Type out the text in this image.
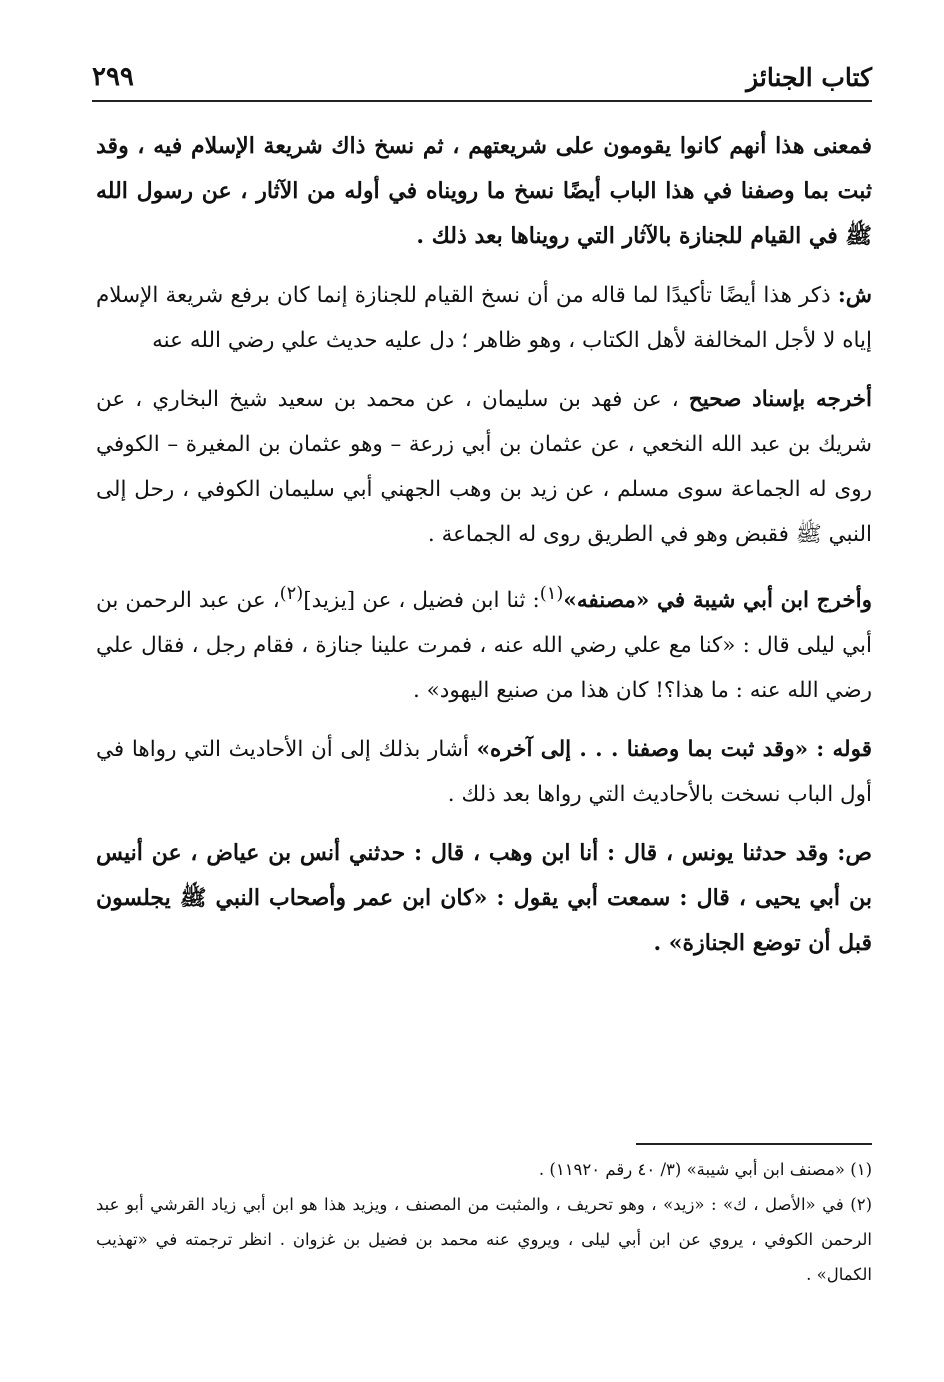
كتاب الجنائز
٢٩٩

فمعنى هذا أنهم كانوا يقومون على شريعتهم ، ثم نسخ ذاك شريعة الإسلام فيه ، وقد ثبت بما وصفنا في هذا الباب أيضًا نسخ ما رويناه في أوله من الآثار ، عن رسول الله ﷺ في القيام للجنازة بالآثار التي رويناها بعد ذلك .

ش: ذكر هذا أيضًا تأكيدًا لما قاله من أن نسخ القيام للجنازة إنما كان برفع شريعة الإسلام إياه لا لأجل المخالفة لأهل الكتاب ، وهو ظاهر ؛ دل عليه حديث علي رضي الله عنه

أخرجه بإسناد صحيح ، عن فهد بن سليمان ، عن محمد بن سعيد شيخ البخاري ، عن شريك بن عبد الله النخعي ، عن عثمان بن أبي زرعة – وهو عثمان بن المغيرة – الكوفي روى له الجماعة سوى مسلم ، عن زيد بن وهب الجهني أبي سليمان الكوفي ، رحل إلى النبي ﷺ فقبض وهو في الطريق روى له الجماعة .

وأخرج ابن أبي شيبة في «مصنفه»$^{(١)}$: ثنا ابن فضيل ، عن [يزيد]$^{(٢)}$، عن عبد الرحمن بن أبي ليلى قال : «كنا مع علي رضي الله عنه ، فمرت علينا جنازة ، فقام رجل ، فقال علي رضي الله عنه : ما هذا؟! كان هذا من صنيع اليهود» .

قوله : «وقد ثبت بما وصفنا . . . إلى آخره» أشار بذلك إلى أن الأحاديث التي رواها في أول الباب نسخت بالأحاديث التي رواها بعد ذلك .

ص: وقد حدثنا يونس ، قال : أنا ابن وهب ، قال : حدثني أنس بن عياض ، عن أنيس بن أبي يحيى ، قال : سمعت أبي يقول : «كان ابن عمر وأصحاب النبي ﷺ يجلسون قبل أن توضع الجنازة» .

(١) «مصنف ابن أبي شيبة» (٣/ ٤٠ رقم ١١٩٢٠) .

(٢) في «الأصل ، ك» : «زيد» ، وهو تحريف ، والمثبت من المصنف ، ويزيد هذا هو ابن أبي زياد القرشي أبو عبد الرحمن الكوفي ، يروي عن ابن أبي ليلى ، ويروي عنه محمد بن فضيل بن غزوان . انظر ترجمته في «تهذيب الكمال» .
